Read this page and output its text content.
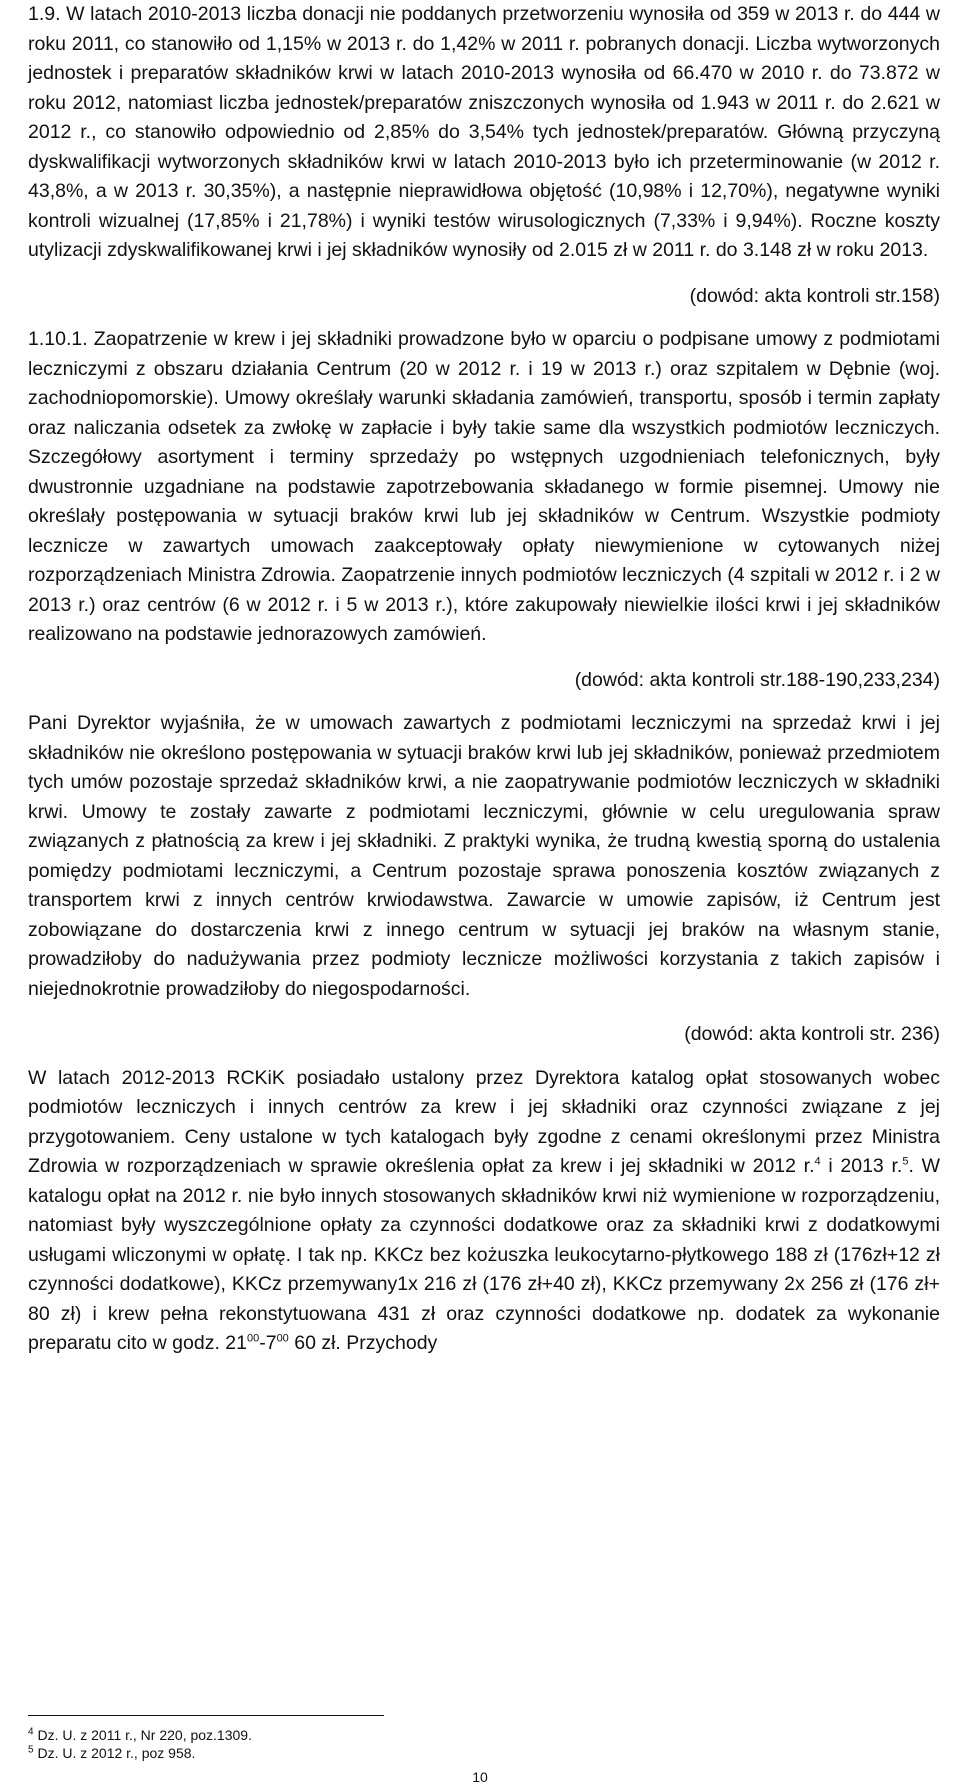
1.9. W latach 2010-2013 liczba donacji nie poddanych przetworzeniu wynosiła od 359 w 2013 r. do 444 w roku 2011, co stanowiło od 1,15% w 2013 r. do 1,42% w 2011 r. pobranych donacji. Liczba wytworzonych jednostek i preparatów składników krwi w latach 2010-2013 wynosiła od 66.470 w 2010 r. do 73.872 w roku 2012, natomiast liczba jednostek/preparatów zniszczonych wynosiła od 1.943 w 2011 r. do 2.621 w 2012 r., co stanowiło odpowiednio od 2,85% do 3,54% tych jednostek/preparatów. Główną przyczyną dyskwalifikacji wytworzonych składników krwi w latach 2010-2013 było ich przeterminowanie (w 2012 r. 43,8%, a w 2013 r. 30,35%), a następnie nieprawidłowa objętość (10,98% i 12,70%), negatywne wyniki kontroli wizualnej (17,85% i 21,78%) i wyniki testów wirusologicznych (7,33% i 9,94%). Roczne koszty utylizacji zdyskwalifikowanej krwi i jej składników wynosiły od 2.015 zł w 2011 r. do 3.148 zł w roku 2013.

(dowód: akta kontroli str.158)

1.10.1. Zaopatrzenie w krew i jej składniki prowadzone było w oparciu o podpisane umowy z podmiotami leczniczymi z obszaru działania Centrum (20 w 2012 r. i 19 w 2013 r.) oraz szpitalem w Dębnie (woj. zachodniopomorskie). Umowy określały warunki składania zamówień, transportu, sposób i termin zapłaty oraz naliczania odsetek za zwłokę w zapłacie i były takie same dla wszystkich podmiotów leczniczych. Szczegółowy asortyment i terminy sprzedaży po wstępnych uzgodnieniach telefonicznych, były dwustronnie uzgadniane na podstawie zapotrzebowania składanego w formie pisemnej. Umowy nie określały postępowania w sytuacji braków krwi lub jej składników w Centrum. Wszystkie podmioty lecznicze w zawartych umowach zaakceptowały opłaty niewymienione w cytowanych niżej rozporządzeniach Ministra Zdrowia. Zaopatrzenie innych podmiotów leczniczych (4 szpitali w 2012 r. i 2 w 2013 r.) oraz centrów (6 w 2012 r. i 5 w 2013 r.), które zakupowały niewielkie ilości krwi i jej składników realizowano na podstawie jednorazowych zamówień.

(dowód: akta kontroli str.188-190,233,234)

Pani Dyrektor wyjaśniła, że w umowach zawartych z podmiotami leczniczymi na sprzedaż krwi i jej składników nie określono postępowania w sytuacji braków krwi lub jej składników, ponieważ przedmiotem tych umów pozostaje sprzedaż składników krwi, a nie zaopatrywanie podmiotów leczniczych w składniki krwi. Umowy te zostały zawarte z podmiotami leczniczymi, głównie w celu uregulowania spraw związanych z płatnością za krew i jej składniki. Z praktyki wynika, że trudną kwestią sporną do ustalenia pomiędzy podmiotami leczniczymi, a Centrum pozostaje sprawa ponoszenia kosztów związanych z transportem krwi z innych centrów krwiodawstwa. Zawarcie w umowie zapisów, iż Centrum jest zobowiązane do dostarczenia krwi z innego centrum w sytuacji jej braków na własnym stanie, prowadziłoby do nadużywania przez podmioty lecznicze możliwości korzystania z takich zapisów i niejednokrotnie prowadziłoby do niegospodarności.

(dowód: akta kontroli str. 236)

W latach 2012-2013 RCKiK posiadało ustalony przez Dyrektora katalog opłat stosowanych wobec podmiotów leczniczych i innych centrów za krew i jej składniki oraz czynności związane z jej przygotowaniem. Ceny ustalone w tych katalogach były zgodne z cenami określonymi przez Ministra Zdrowia w rozporządzeniach w sprawie określenia opłat za krew i jej składniki w 2012 r.$^4$ i 2013 r.$^5$. W katalogu opłat na 2012 r. nie było innych stosowanych składników krwi niż wymienione w rozporządzeniu, natomiast były wyszczególnione opłaty za czynności dodatkowe oraz za składniki krwi z dodatkowymi usługami wliczonymi w opłatę. I tak np. KKCz bez kożuszka leukocytarno-płytkowego 188 zł (176zł+12 zł czynności dodatkowe), KKCz przemywany1x 216 zł (176 zł+40 zł), KKCz przemywany 2x 256 zł (176 zł+ 80 zł) i krew pełna rekonstytuowana 431 zł oraz czynności dodatkowe np. dodatek za wykonanie preparatu cito w godz. $21^{00}-7^{00}$ 60 zł. Przychody

$^4$ Dz. U. z 2011 r., Nr 220, poz.1309.
$^5$ Dz. U. z 2012 r., poz 958.
10
